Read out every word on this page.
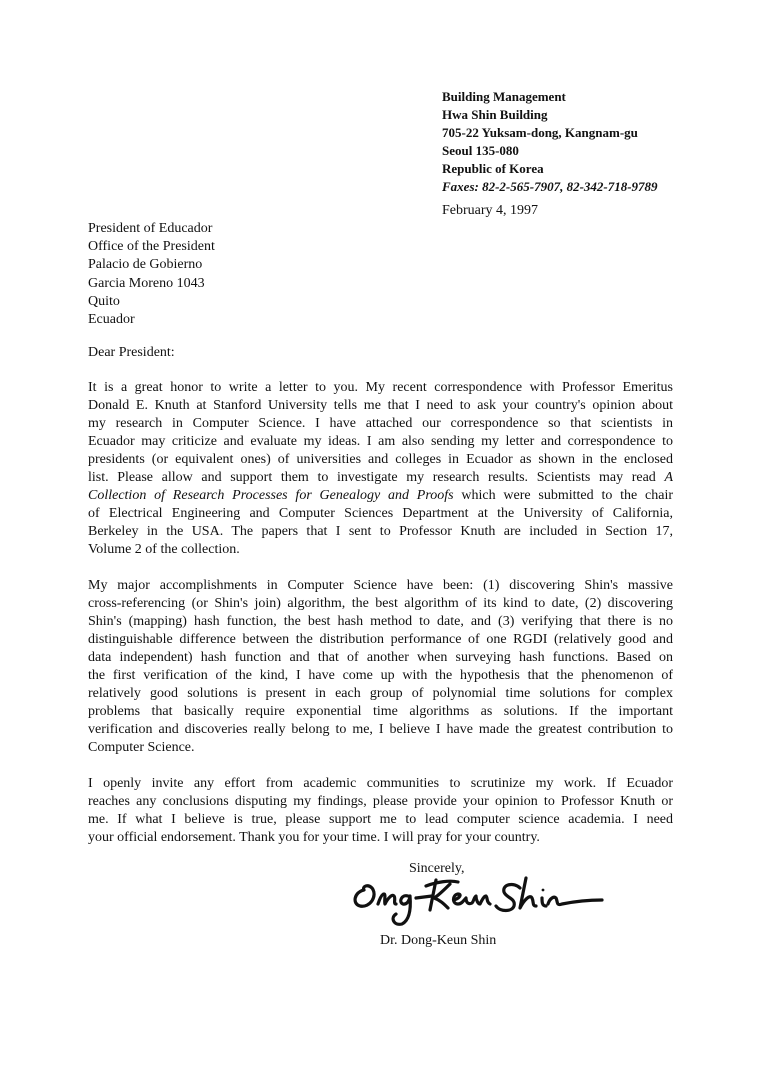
Building Management
Hwa Shin Building
705-22 Yuksam-dong, Kangnam-gu
Seoul 135-080
Republic of Korea
Faxes: 82-2-565-7907, 82-342-718-9789
February 4, 1997
President of Educador
Office of the President
Palacio de Gobierno
Garcia Moreno 1043
Quito
Ecuador
Dear President:
It is a great honor to write a letter to you. My recent correspondence with Professor Emeritus
Donald E. Knuth at Stanford University tells me that I need to ask your country's opinion about
my research in Computer Science. I have attached our correspondence so that scientists in
Ecuador may criticize and evaluate my ideas. I am also sending my letter and correspondence to
presidents (or equivalent ones) of universities and colleges in Ecuador as shown in the enclosed
list. Please allow and support them to investigate my research results. Scientists may read A
Collection of Research Processes for Genealogy and Proofs which were submitted to the chair
of Electrical Engineering and Computer Sciences Department at the University of California,
Berkeley in the USA. The papers that I sent to Professor Knuth are included in Section 17,
Volume 2 of the collection.
My major accomplishments in Computer Science have been: (1) discovering Shin's massive
cross-referencing (or Shin's join) algorithm, the best algorithm of its kind to date, (2) discovering
Shin's (mapping) hash function, the best hash method to date, and (3) verifying that there is no
distinguishable difference between the distribution performance of one RGDI (relatively good and
data independent) hash function and that of another when surveying hash functions. Based on
the first verification of the kind, I have come up with the hypothesis that the phenomenon of
relatively good solutions is present in each group of polynomial time solutions for complex
problems that basically require exponential time algorithms as solutions. If the important
verification and discoveries really belong to me, I believe I have made the greatest contribution to
Computer Science.
I openly invite any effort from academic communities to scrutinize my work. If Ecuador
reaches any conclusions disputing my findings, please provide your opinion to Professor Knuth or
me. If what I believe is true, please support me to lead computer science academia. I need
your official endorsement. Thank you for your time. I will pray for your country.
Sincerely,
Dr. Dong-Keun Shin
